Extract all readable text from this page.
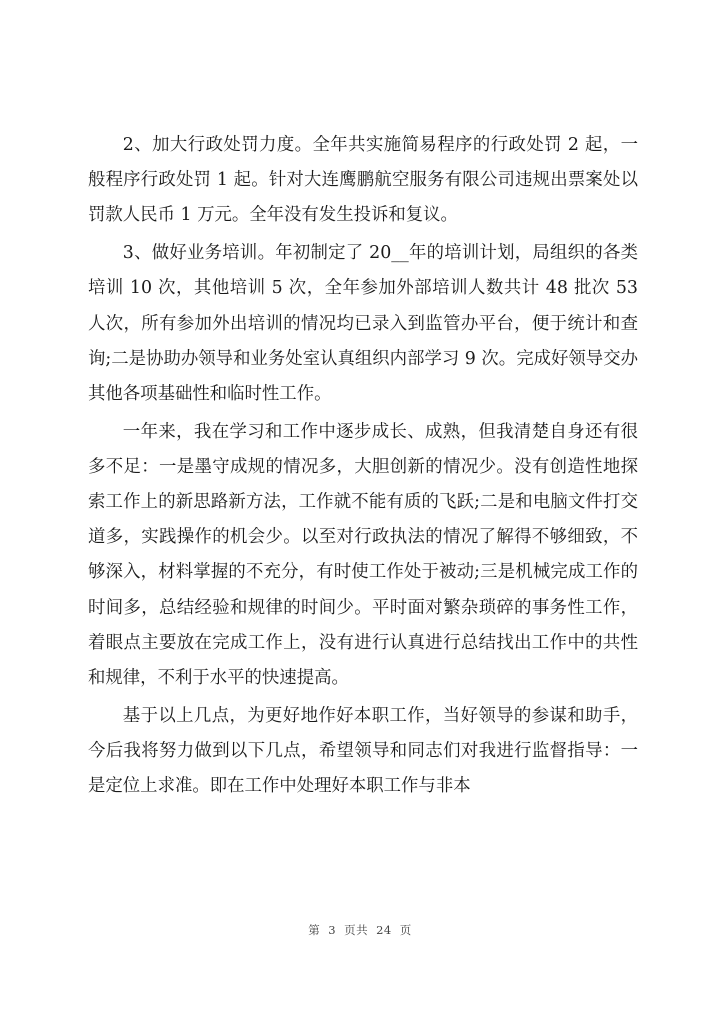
2、加大行政处罚力度。全年共实施简易程序的行政处罚 2 起，一般程序行政处罚 1 起。针对大连鹰鹏航空服务有限公司违规出票案处以罚款人民币 1 万元。全年没有发生投诉和复议。

3、做好业务培训。年初制定了 20__年的培训计划，局组织的各类培训 10 次，其他培训 5 次，全年参加外部培训人数共计 48 批次 53 人次，所有参加外出培训的情况均已录入到监管办平台，便于统计和查询;二是协助办领导和业务处室认真组织内部学习 9 次。完成好领导交办其他各项基础性和临时性工作。

一年来，我在学习和工作中逐步成长、成熟，但我清楚自身还有很多不足：一是墨守成规的情况多，大胆创新的情况少。没有创造性地探索工作上的新思路新方法，工作就不能有质的飞跃;二是和电脑文件打交道多，实践操作的机会少。以至对行政执法的情况了解得不够细致，不够深入，材料掌握的不充分，有时使工作处于被动;三是机械完成工作的时间多，总结经验和规律的时间少。平时面对繁杂琐碎的事务性工作，着眼点主要放在完成工作上，没有进行认真进行总结找出工作中的共性和规律，不利于水平的快速提高。

基于以上几点，为更好地作好本职工作，当好领导的参谋和助手，今后我将努力做到以下几点，希望领导和同志们对我进行监督指导：一是定位上求准。即在工作中处理好本职工作与非本

第 3 页共 24 页
